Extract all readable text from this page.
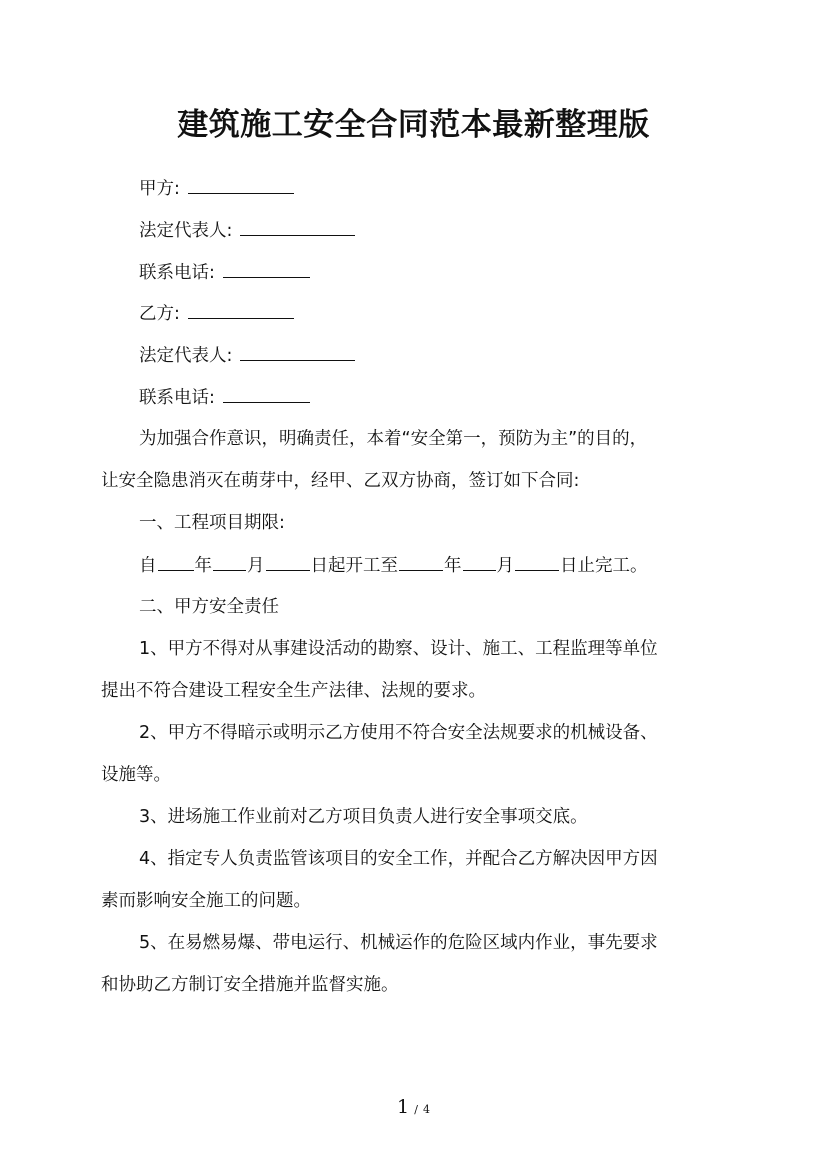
建筑施工安全合同范本最新整理版
甲方:
法定代表人:
联系电话:
乙方:
法定代表人:
联系电话:
为加强合作意识，明确责任，本着“安全第一，预防为主”的目的，
让安全隐患消灭在萌芽中，经甲、乙双方协商，签订如下合同:
一、工程项目期限:
自 年 月	日起开工至	年 月	日止完工。
二、甲方安全责任
1、甲方不得对从事建设活动的勘察、设计、施工、工程监理等单位
提出不符合建设工程安全生产法律、法规的要求。
2、甲方不得暗示或明示乙方使用不符合安全法规要求的机械设备、
设施等。
3、进场施工作业前对乙方项目负责人进行安全事项交底。
4、指定专人负责监管该项目的安全工作，并配合乙方解决因甲方因
素而影响安全施工的问题。
5、在易燃易爆、带电运行、机械运作的危险区域内作业，事先要求
和协助乙方制订安全措施并监督实施。
1 / 4
